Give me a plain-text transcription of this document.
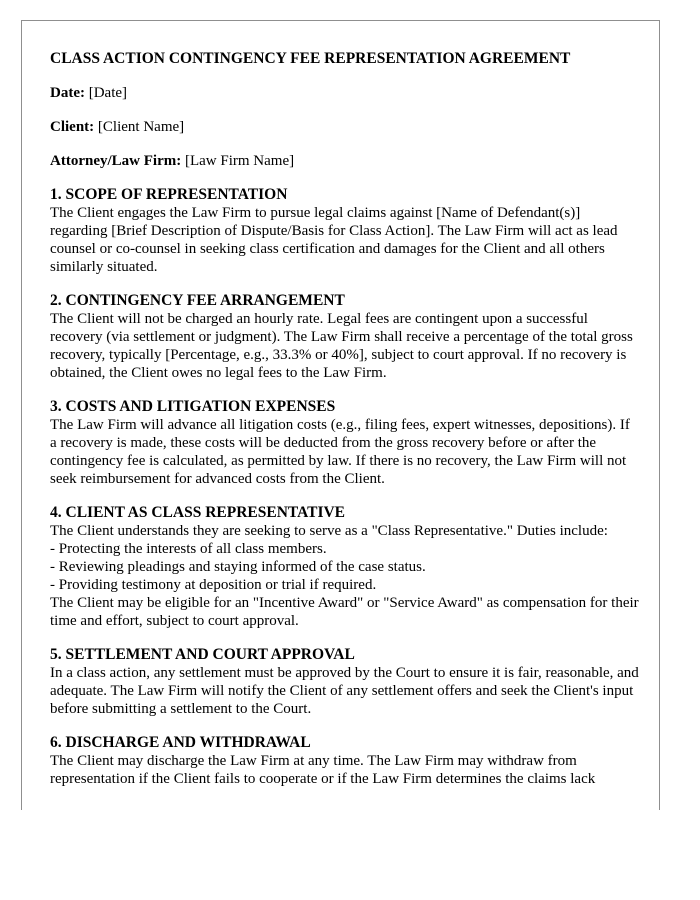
CLASS ACTION CONTINGENCY FEE REPRESENTATION AGREEMENT
Date: [Date]
Client: [Client Name]
Attorney/Law Firm: [Law Firm Name]
1. SCOPE OF REPRESENTATION
The Client engages the Law Firm to pursue legal claims against [Name of Defendant(s)] regarding [Brief Description of Dispute/Basis for Class Action]. The Law Firm will act as lead counsel or co-counsel in seeking class certification and damages for the Client and all others similarly situated.
2. CONTINGENCY FEE ARRANGEMENT
The Client will not be charged an hourly rate. Legal fees are contingent upon a successful recovery (via settlement or judgment). The Law Firm shall receive a percentage of the total gross recovery, typically [Percentage, e.g., 33.3% or 40%], subject to court approval. If no recovery is obtained, the Client owes no legal fees to the Law Firm.
3. COSTS AND LITIGATION EXPENSES
The Law Firm will advance all litigation costs (e.g., filing fees, expert witnesses, depositions). If a recovery is made, these costs will be deducted from the gross recovery before or after the contingency fee is calculated, as permitted by law. If there is no recovery, the Law Firm will not seek reimbursement for advanced costs from the Client.
4. CLIENT AS CLASS REPRESENTATIVE
The Client understands they are seeking to serve as a "Class Representative." Duties include:
- Protecting the interests of all class members.
- Reviewing pleadings and staying informed of the case status.
- Providing testimony at deposition or trial if required.
The Client may be eligible for an "Incentive Award" or "Service Award" as compensation for their time and effort, subject to court approval.
5. SETTLEMENT AND COURT APPROVAL
In a class action, any settlement must be approved by the Court to ensure it is fair, reasonable, and adequate. The Law Firm will notify the Client of any settlement offers and seek the Client's input before submitting a settlement to the Court.
6. DISCHARGE AND WITHDRAWAL
The Client may discharge the Law Firm at any time. The Law Firm may withdraw from representation if the Client fails to cooperate or if the Law Firm determines the claims lack
